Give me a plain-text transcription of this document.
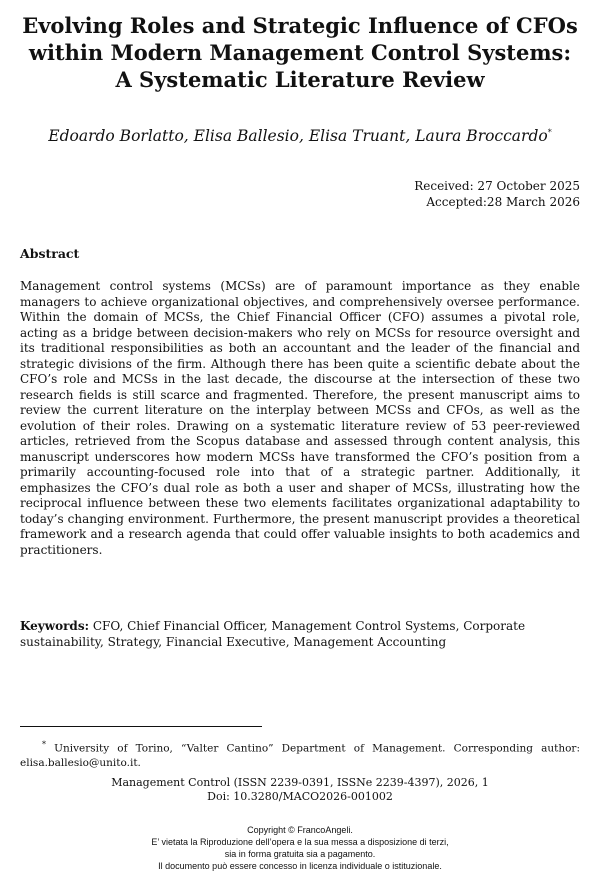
Evolving Roles and Strategic Influence of CFOs within Modern Management Control Systems: A Systematic Literature Review
Edoardo Borlatto, Elisa Ballesio, Elisa Truant, Laura Broccardo*
Received: 27 October 2025
Accepted:28 March 2026
Abstract

Management control systems (MCSs) are of paramount importance as they enable managers to achieve organizational objectives, and comprehensively oversee performance. Within the domain of MCSs, the Chief Financial Officer (CFO) assumes a pivotal role, acting as a bridge between decision-makers who rely on MCSs for resource oversight and its traditional responsibilities as both an accountant and the leader of the financial and strategic divisions of the firm. Although there has been quite a scientific debate about the CFO’s role and MCSs in the last decade, the discourse at the intersection of these two research fields is still scarce and fragmented. Therefore, the present manuscript aims to review the current literature on the interplay between MCSs and CFOs, as well as the evolution of their roles. Drawing on a systematic literature review of 53 peer-reviewed articles, retrieved from the Scopus database and assessed through content analysis, this manuscript underscores how modern MCSs have transformed the CFO’s position from a primarily accounting-focused role into that of a strategic partner. Additionally, it emphasizes the CFO’s dual role as both a user and shaper of MCSs, illustrating how the reciprocal influence between these two elements facilitates organizational adaptability to today’s changing environment. Furthermore, the present manuscript provides a theoretical framework and a research agenda that could offer valuable insights to both academics and practitioners.

Keywords: CFO, Chief Financial Officer, Management Control Systems, Corporate sustainability, Strategy, Financial Executive, Management Accounting

* University of Torino, “Valter Cantino” Department of Management. Corresponding author: elisa.ballesio@unito.it.

Management Control (ISSN 2239-0391, ISSNe 2239-4397), 2026, 1
Doi: 10.3280/MACO2026-001002
Copyright © FrancoAngeli.
E’ vietata la Riproduzione dell’opera e la sua messa a disposizione di terzi,
sia in forma gratuita sia a pagamento.
Il documento può essere concesso in licenza individuale o istituzionale.
